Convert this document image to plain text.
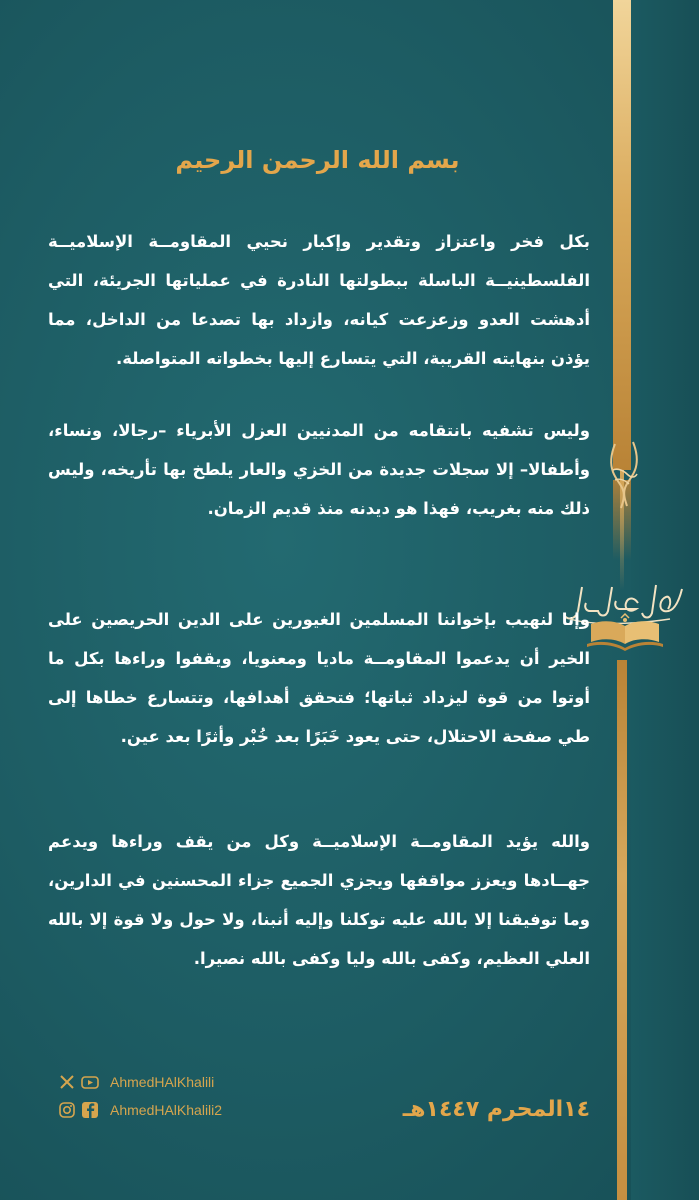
بسم الله الرحمن الرحيم

بكل فخر واعتزاز وتقدير وإكبار نحيي المقاومــة الإسلاميــة الفلسطينيــة الباسلة ببطولتها النادرة في عملياتها الجريئة، التي أدهشت العدو وزعزعت كيانه، وازداد بها تصدعا من الداخل، مما يؤذن بنهايته القريبة، التي يتسارع إليها بخطواته المتواصلة.

وليس تشفيه بانتقامه من المدنيين العزل الأبرياء –رجالا، ونساء، وأطفالا– إلا سجلات جديدة من الخزي والعار يلطخ بها تأريخه، وليس ذلك منه بغريب، فهذا هو ديدنه منذ قديم الزمان.

وإنا لنهيب بإخواننا المسلمين الغيورين على الدين الحريصين على الخير أن يدعموا المقاومــة ماديا ومعنويا، ويقفوا وراءها بكل ما أوتوا من قوة ليزداد ثباتها؛ فتحقق أهدافها، وتتسارع خطاها إلى طي صفحة الاحتلال، حتى يعود خَبَرًا بعد خُبْر وأثرًا بعد عين.

والله يؤيد المقاومــة الإسلاميــة وكل من يقف وراءها ويدعم جهــادها ويعزز مواقفها ويجزي الجميع جزاء المحسنين في الدارين، وما توفيقنا إلا بالله عليه توكلنا وإليه أنبنا، ولا حول ولا قوة إلا بالله العلي العظيم، وكفى بالله وليا وكفى بالله نصيرا.

AhmedHAlKhalili
AhmedHAlKhalili2	١٤المحرم ١٤٤٧هـ
